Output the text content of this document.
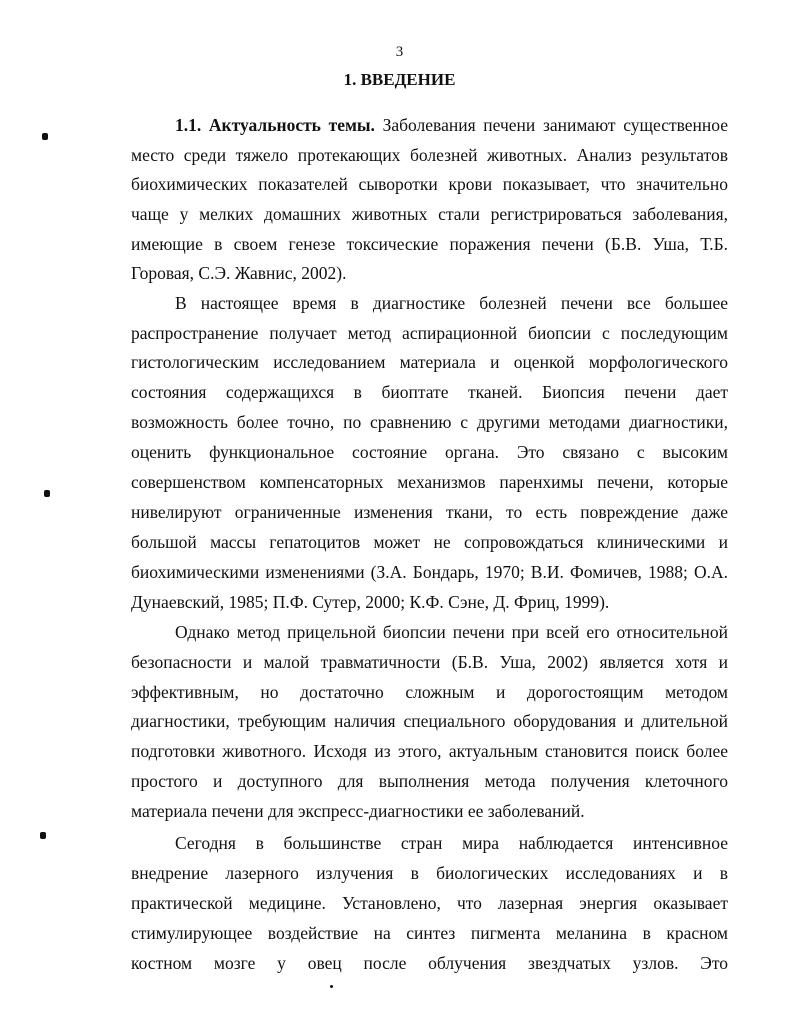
3
1. ВВЕДЕНИЕ
1.1. Актуальность темы. Заболевания печени занимают существенное
место среди тяжело протекающих болезней животных. Анализ результатов
биохимических показателей сыворотки крови показывает, что значительно
чаще у мелких домашних животных стали регистрироваться заболевания,
имеющие в своем генезе токсические поражения печени (Б.В. Уша, Т.Б.
Горовая, С.Э. Жавнис, 2002).
В настоящее время в диагностике болезней печени все большее
распространение получает метод аспирационной биопсии с последующим
гистологическим исследованием материала и оценкой морфологического
состояния содержащихся в биоптате тканей. Биопсия печени дает
возможность более точно, по сравнению с другими методами диагностики,
оценить функциональное состояние органа. Это связано с высоким
совершенством компенсаторных механизмов паренхимы печени, которые
нивелируют ограниченные изменения ткани, то есть повреждение даже
большой массы гепатоцитов может не сопровождаться клиническими и
биохимическими изменениями (З.А. Бондарь, 1970; В.И. Фомичев, 1988; О.А.
Дунаевский, 1985; П.Ф. Сутер, 2000; К.Ф. Сэне, Д. Фриц, 1999).
Однако метод прицельной биопсии печени при всей его относительной
безопасности и малой травматичности (Б.В. Уша, 2002) является хотя и
эффективным, но достаточно сложным и дорогостоящим методом
диагностики, требующим наличия специального оборудования и длительной
подготовки животного. Исходя из этого, актуальным становится поиск более
простого и доступного для выполнения метода получения клеточного
материала печени для экспресс-диагностики ее заболеваний.
Сегодня в большинстве стран мира наблюдается интенсивное
внедрение лазерного излучения в биологических исследованиях и в
практической медицине. Установлено, что лазерная энергия оказывает
стимулирующее воздействие на синтез пигмента меланина в красном
костном мозге у овец после облучения звездчатых узлов. Это
